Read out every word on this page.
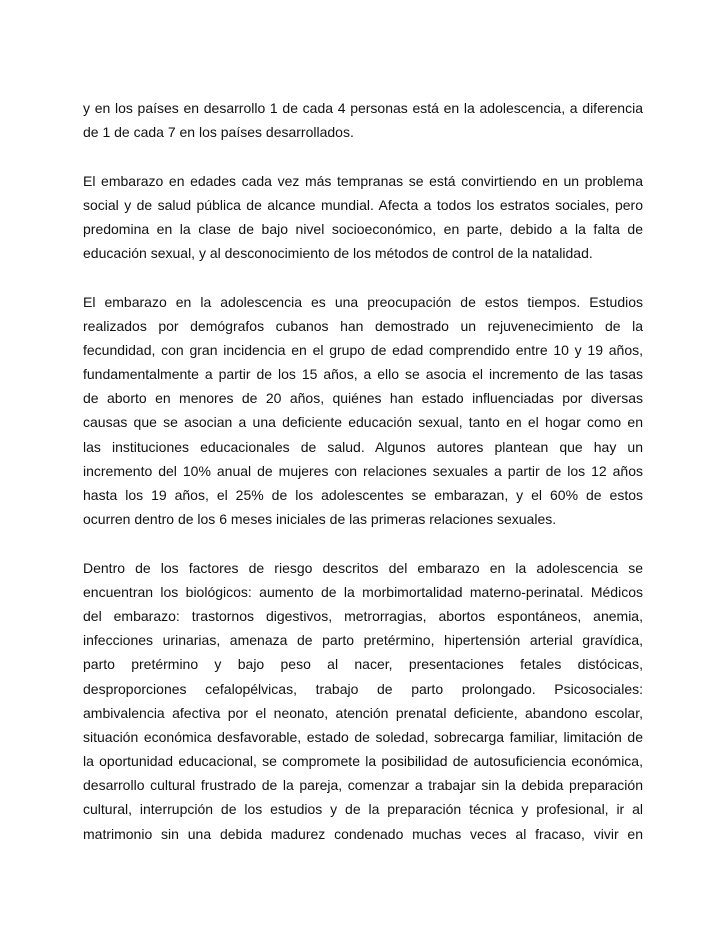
y en los países en desarrollo 1 de cada 4 personas está en la adolescencia, a diferencia
de 1 de cada 7 en los países desarrollados.
El embarazo en edades cada vez más tempranas se está convirtiendo en un problema
social y de salud pública de alcance mundial. Afecta a todos los estratos sociales, pero
predomina en la clase de bajo nivel socioeconómico, en parte, debido a la falta de
educación sexual, y al desconocimiento de los métodos de control de la natalidad.
El embarazo en la adolescencia es una preocupación de estos tiempos. Estudios
realizados por demógrafos cubanos han demostrado un rejuvenecimiento de la
fecundidad, con gran incidencia en el grupo de edad comprendido entre 10 y 19 años,
fundamentalmente a partir de los 15 años, a ello se asocia el incremento de las tasas
de aborto en menores de 20 años, quiénes han estado influenciadas por diversas
causas que se asocian a una deficiente educación sexual, tanto en el hogar como en
las instituciones educacionales de salud. Algunos autores plantean que hay un
incremento del 10% anual de mujeres con relaciones sexuales a partir de los 12 años
hasta los 19 años, el 25% de los adolescentes se embarazan, y el 60% de estos
ocurren dentro de los 6 meses iniciales de las primeras relaciones sexuales.
Dentro de los factores de riesgo descritos del embarazo en la adolescencia se
encuentran los biológicos: aumento de la morbimortalidad materno-perinatal. Médicos
del embarazo: trastornos digestivos, metrorragias, abortos espontáneos, anemia,
infecciones urinarias, amenaza de parto pretérmino, hipertensión arterial gravídica,
parto pretérmino y bajo peso al nacer, presentaciones fetales distócicas,
desproporciones cefalopélvicas, trabajo de parto prolongado. Psicosociales:
ambivalencia afectiva por el neonato, atención prenatal deficiente, abandono escolar,
situación económica desfavorable, estado de soledad, sobrecarga familiar, limitación de
la oportunidad educacional, se compromete la posibilidad de autosuficiencia económica,
desarrollo cultural frustrado de la pareja, comenzar a trabajar sin la debida preparación
cultural, interrupción de los estudios y de la preparación técnica y profesional, ir al
matrimonio sin una debida madurez condenado muchas veces al fracaso, vivir en
